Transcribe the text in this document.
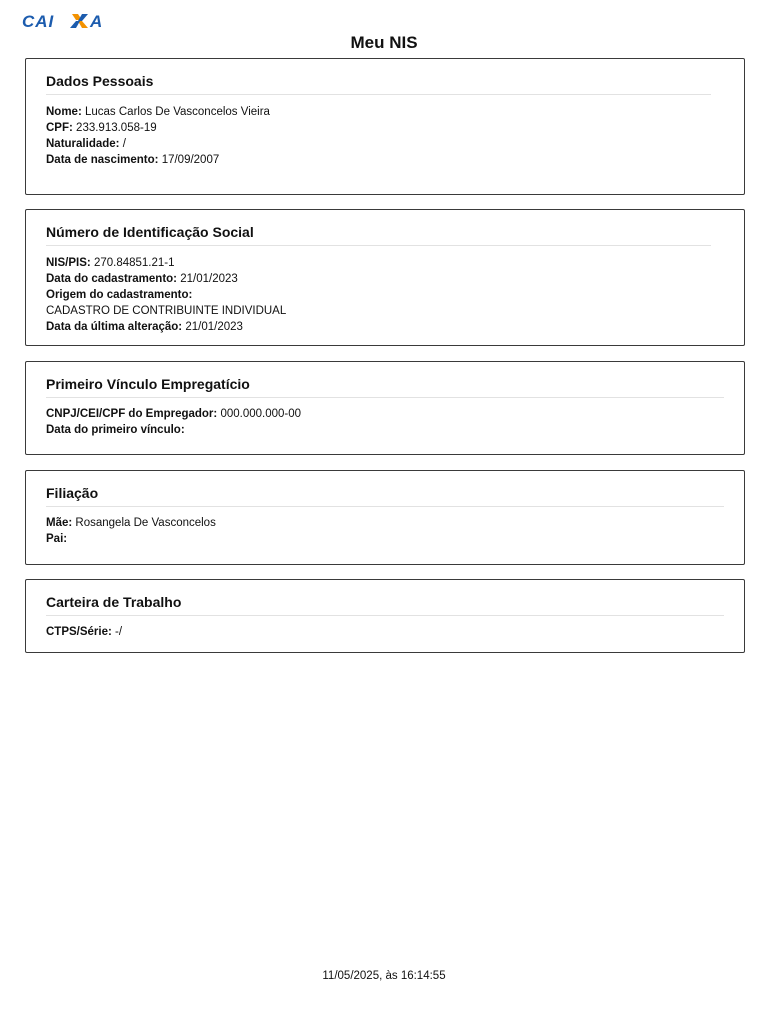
CAI A
Meu NIS
Dados Pessoais
Nome: Lucas Carlos De Vasconcelos Vieira
CPF: 233.913.058-19
Naturalidade: /
Data de nascimento: 17/09/2007
Número de Identificação Social
NIS/PIS: 270.84851.21-1
Data do cadastramento: 21/01/2023
Origem do cadastramento:
CADASTRO DE CONTRIBUINTE INDIVIDUAL
Data da última alteração: 21/01/2023
Primeiro Vínculo Empregatício
CNPJ/CEI/CPF do Empregador: 000.000.000-00
Data do primeiro vínculo:
Filiação
Mãe: Rosangela De Vasconcelos
Pai:
Carteira de Trabalho
CTPS/Série: -/
11/05/2025, às 16:14:55
